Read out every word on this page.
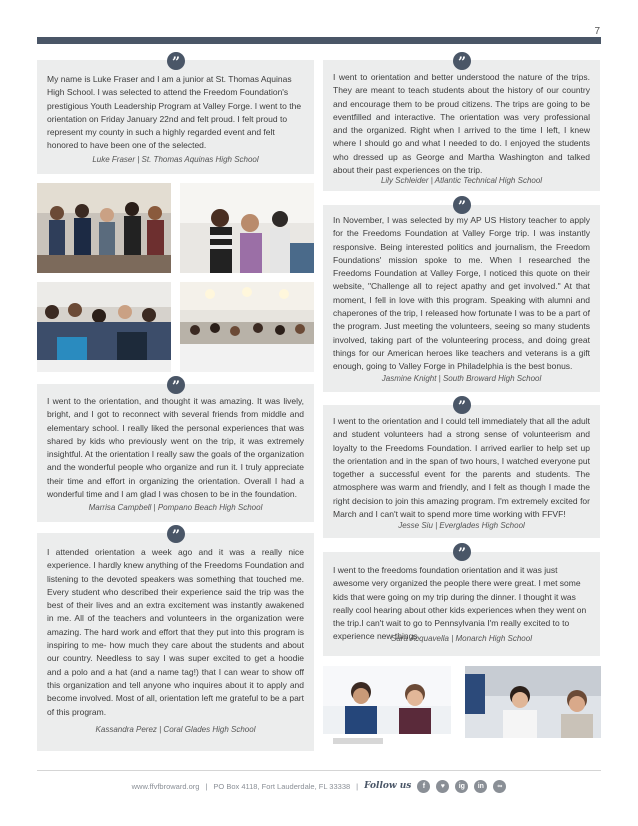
7

My name is Luke Fraser and I am a junior at St. Thomas Aquinas High School. I was selected to attend the Freedom Foundation's prestigious Youth Leadership Program at Valley Forge. I went to the orientation on Friday January 22nd and felt proud. I felt proud to represent my county in such a highly regarded event and felt honored to have been one of the selected.

Luke Fraser | St. Thomas Aquinas High School
”

I went to the orientation, and thought it was amazing. It was lively, bright, and I got to reconnect with several friends from middle and elementary school. I really liked the personal experiences that was shared by kids who previously went on the trip, it was extremely insightful. At the orientation I really saw the goals of the organization and the wonderful people who organize and run it. I truly appreciate their time and effort in organizing the orientation. Overall I had a wonderful time and I am glad I was chosen to be in the foundation.

Marrisa Campbell | Pompano Beach High School
”

I attended orientation a week ago and it was a really nice experience. I hardly knew anything of the Freedoms Foundation and listening to the devoted speakers was something that touched me. Every student who described their experience said the trip was the best of their lives and an extra excitement was instantly awakened in me. All of the teachers and volunteers in the organization were amazing. The hard work and effort that they put into this program is inspiring to me- how much they care about the students and about our country. Needless to say I was super excited to get a hoodie and a polo and a hat (and a name tag!) that I can wear to show off this organization and tell anyone who inquires about it to apply and become involved. Most of all, orientation left me grateful to be a part of this program.

Kassandra Perez | Coral Glades High School
”

I went to orientation and better understood the nature of the trips. They are meant to teach students about the history of our country and encourage them to be proud citizens. The trips are going to be eventfilled and interactive. The orientation was very professional and the organized. Right when I arrived to the time I left, I knew where I should go and what I needed to do. I enjoyed the students who dressed up as George and Martha Washington and talked about their past experiences on the trip.

Lily Schleider | Atlantic Technical High School
”

In November, I was selected by my AP US History teacher to apply for the Freedoms Foundation at Valley Forge trip. I was instantly responsive. Being interested politics and journalism, the Freedom Foundations' mission spoke to me. When I researched the Freedoms Foundation at Valley Forge, I noticed this quote on their website, "Challenge all to reject apathy and get involved." At that moment, I fell in love with this program. Speaking with alumni and chaperones of the trip, I released how fortunate I was to be a part of the program. Just meeting the volunteers, seeing so many students involved, taking part of the volunteering process, and doing great things for our American heroes like teachers and veterans is a gift enough, going to Valley Forge in Philadelphia is the best bonus.

Jasmine Knight | South Broward High School
”

I went to the orientation and I could tell immediately that all the adult and student volunteers had a strong sense of volunteerism and loyalty to the Freedoms Foundation. I arrived earlier to help set up the orientation and in the span of two hours, I watched everyone put together a successful event for the parents and students. The atmosphere was warm and friendly, and I felt as though I made the right decision to join this amazing program. I'm extremely excited for March and I can't wait to spend more time working with FFVF!

Jesse Siu | Everglades High School
”

I went to the freedoms foundation orientation and it was just awesome very organized the people there were great. I met some kids that were going on my trip during the dinner. I thought it was really cool hearing about other kids experiences when they went on the trip.I can't wait to go to Pennsylvania I'm really excited to to experience new things.

Sara Acquavella | Monarch High School
”
www.ffvfbroward.org | PO Box 4118, Fort Lauderdale, FL 33338 | Follow us	f	♥	ig	in	∞
